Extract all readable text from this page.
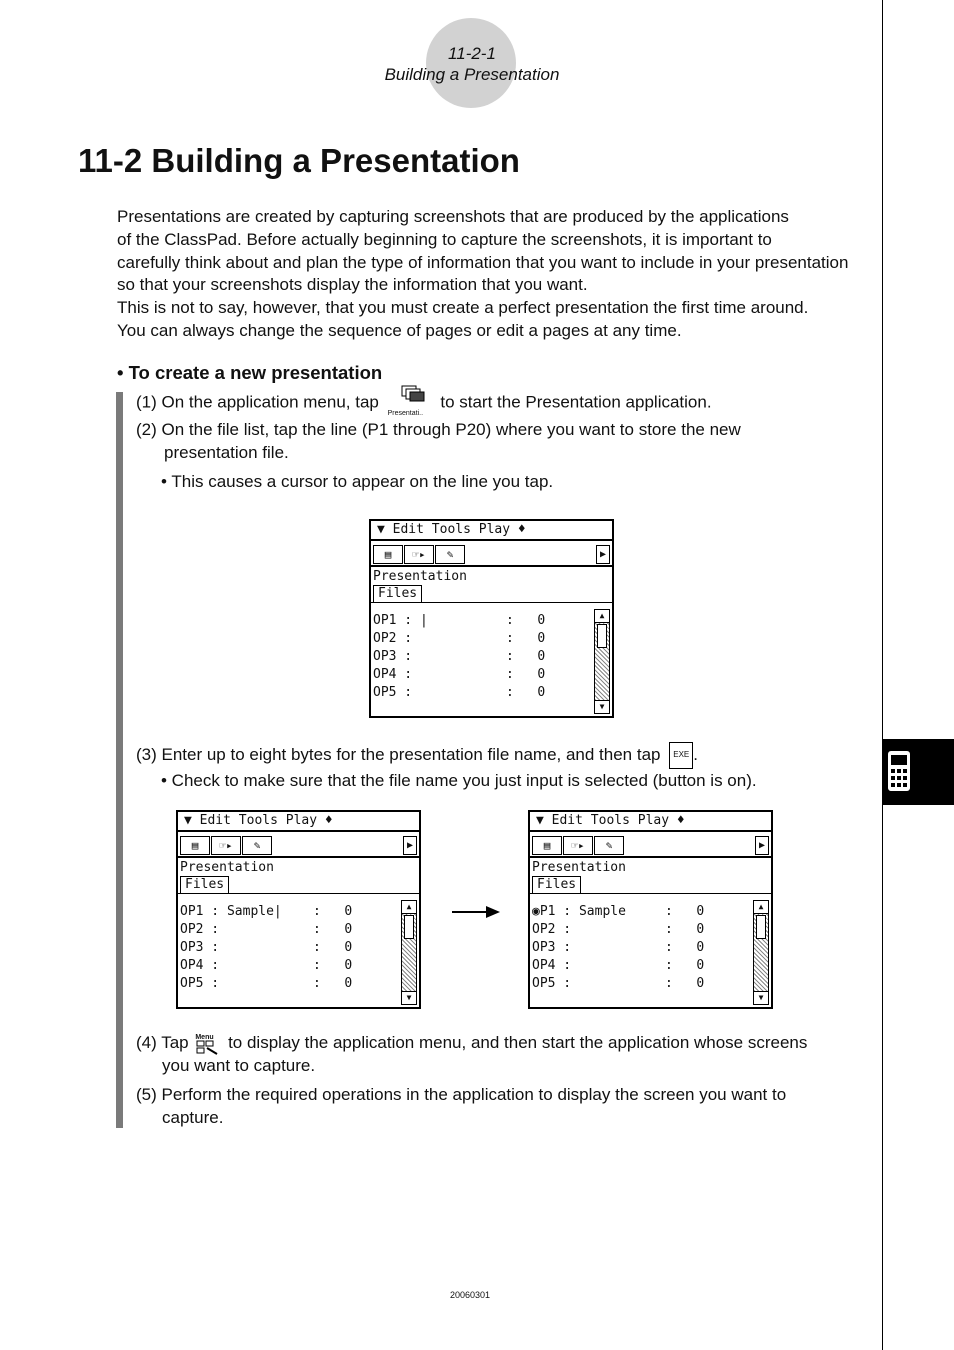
11-2-1
Building a Presentation
11-2 Building a Presentation
Presentations are created by capturing screenshots that are produced by the applications
of the ClassPad. Before actually beginning to capture the screenshots, it is important to
carefully think about and plan the type of information that you want to include in your presentation
so that your screenshots display the information that you want.
This is not to say, however, that you must create a perfect presentation the first time around.
You can always change the sequence of pages or edit a pages at any time.
• To create a new presentation
(1) On the application menu, tap
Presentati..
to start the Presentation application.
(2) On the file list, tap the line (P1 through P20) where you want to store the new
presentation file.
• This causes a cursor to appear on the line you tap.
▼ Edit Tools Play ♦
▤	☞▸	✎	▶
Presentation
Files
OP1 : |          :   0
OP2 :            :   0
OP3 :            :   0
OP4 :            :   0
OP5 :            :   0
▲
▼
(3) Enter up to eight bytes for the presentation file name, and then tap EXE .
• Check to make sure that the file name you just input is selected (button is on).
▼ Edit Tools Play ♦
▤	☞▸	✎	▶
Presentation
Files
OP1 : Sample|    :   0
OP2 :            :   0
OP3 :            :   0
OP4 :            :   0
OP5 :            :   0
▲
▼
▼ Edit Tools Play ♦
▤	☞▸	✎	▶
Presentation
Files
◉P1 : Sample     :   0
OP2 :            :   0
OP3 :            :   0
OP4 :            :   0
OP5 :            :   0
▲
▼
(4) Tap Menu to display the application menu, and then start the application whose screens
you want to capture.
(5) Perform the required operations in the application to display the screen you want to
capture.
20060301
